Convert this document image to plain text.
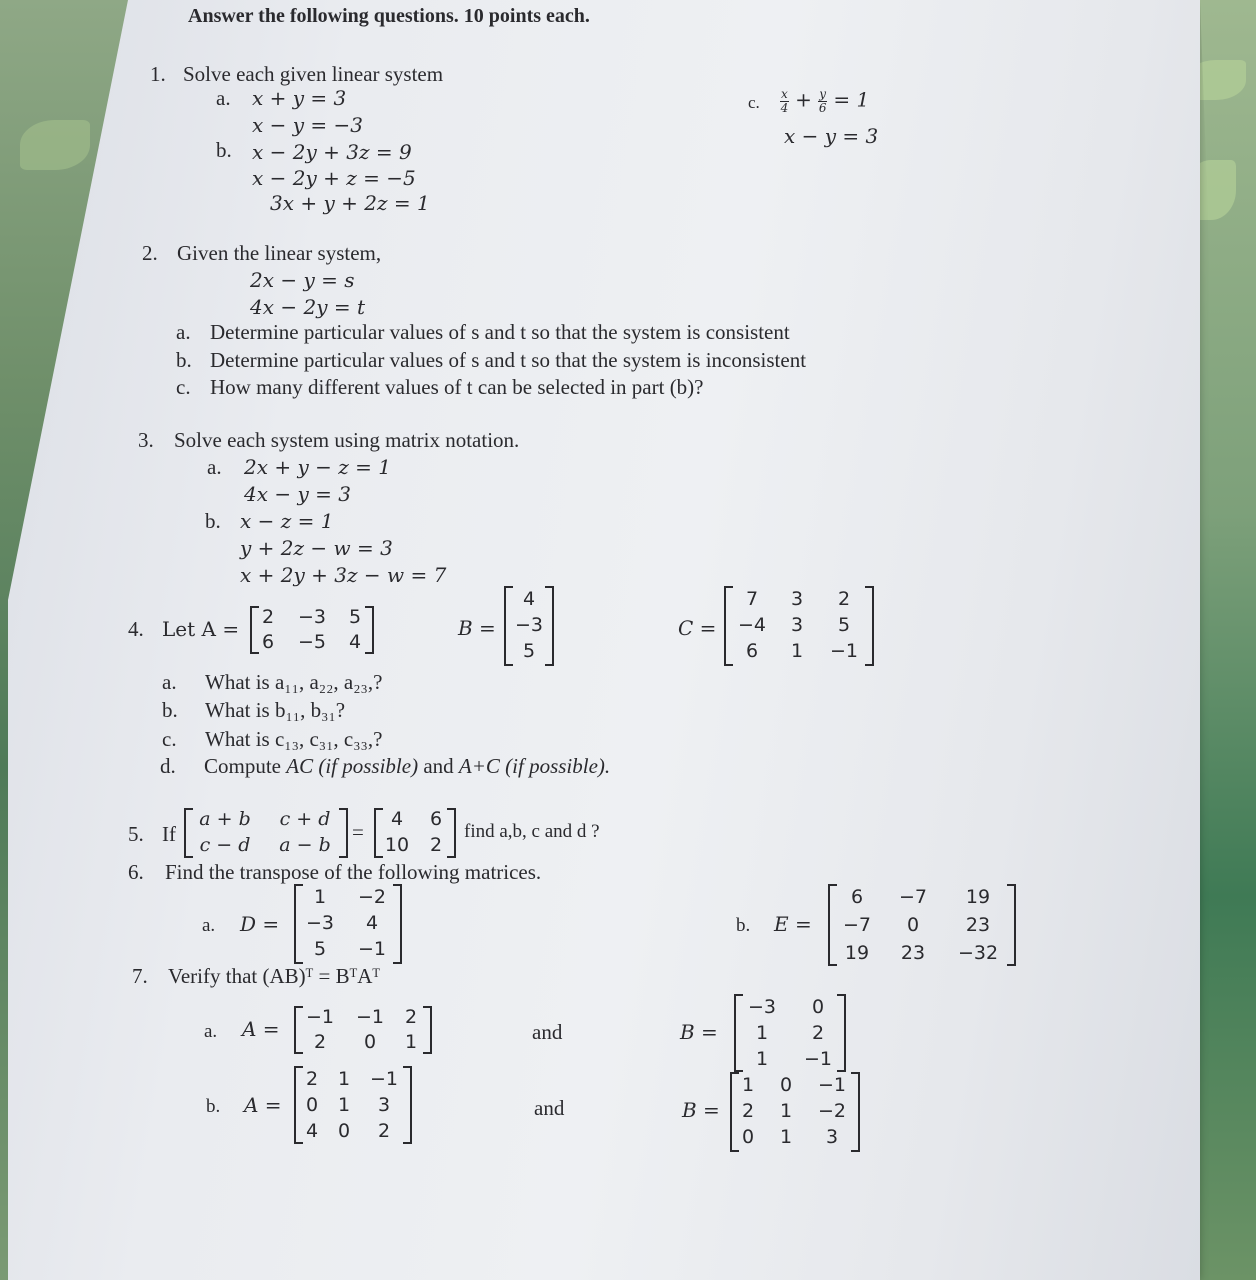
Answer the following questions. 10 points each.
1. Solve each given linear system
a. x + y = 3
x − y = −3
b. x − 2y + 3z = 9
x − 2y + z = −5
3x + y + 2z = 1
c. $\frac{x}{4} + \frac{y}{6} = 1$
x − y = 3
2. Given the linear system,
2x − y = s
4x − 2y = t
a. Determine particular values of s and t so that the system is consistent
b. Determine particular values of s and t so that the system is inconsistent
c. How many different values of t can be selected in part (b)?
3. Solve each system using matrix notation.
a. 2x + y − z = 1
4x − y = 3
b. x − z = 1
y + 2z − w = 3
x + 2y + 3z − w = 7
4. Let A = 2 −3 5
6 −5 4
B =
4
−3
5
C =
7	3	2
−4	3	5
6	1	−1
a. What is a₁₁, a₂₂, a₂₃,?
b. What is b₁₁, b₃₁?
c. What is c₁₃, c₃₁, c₃₃,?
d. Compute AC (if possible) and A+C (if possible).
5. If
a + b	c + d
c − d	a − b
=
4	6
10	2
find a,b, c and d ?
6. Find the transpose of the following matrices.
a. D =
1	−2
−3	4
5	−1
b. E =
6	−7	19
−7	0	23
19	23	−32
7. Verify that (AB)ᵀ = BᵀAᵀ
a. A =	−1	−1	2
2	0	1	and	B =
−3	0
1	2
1	−1
b. A =
2	1	−1
0	1	3
4	0	2
and	B =
1	0	−1
2	1	−2
0	1	3
